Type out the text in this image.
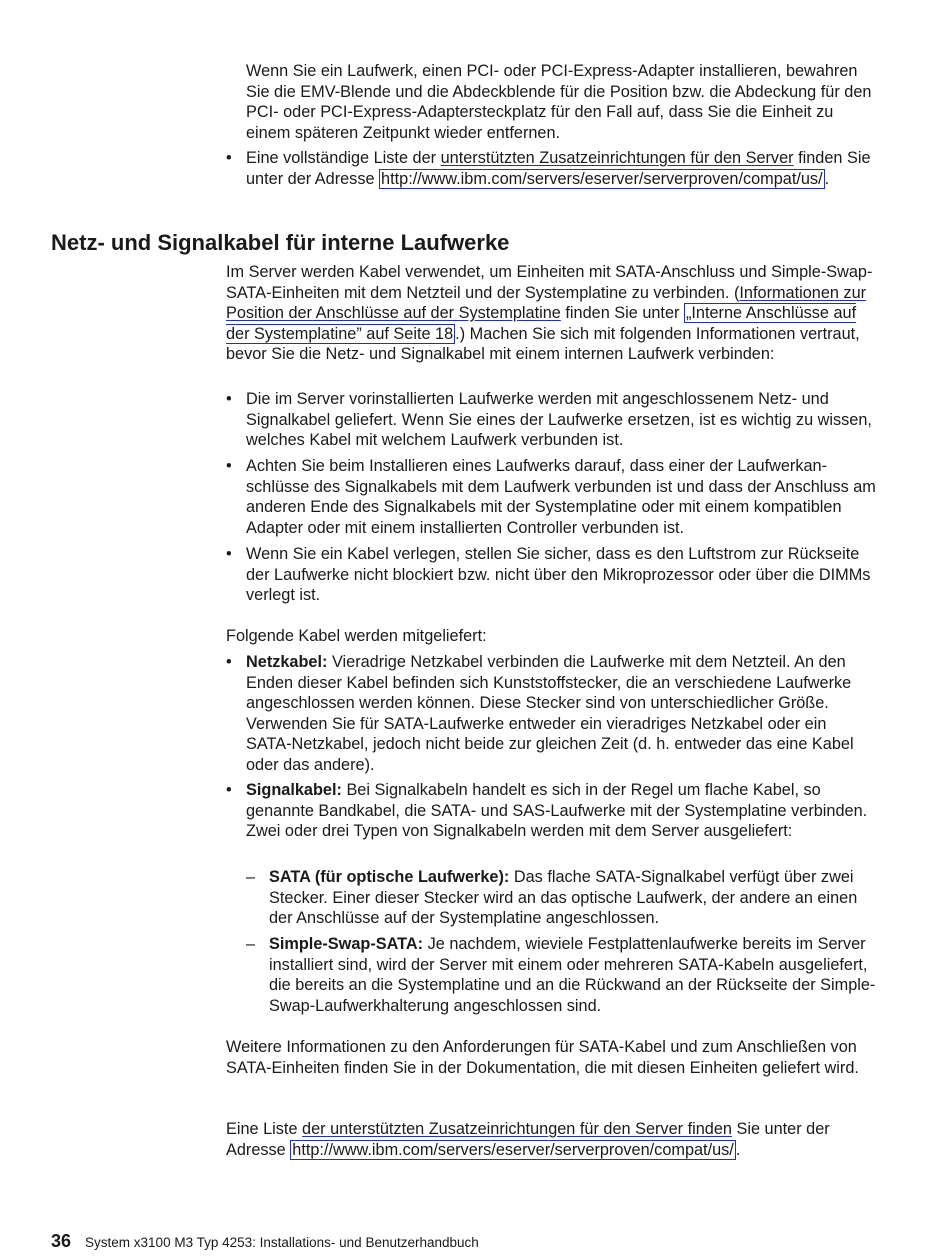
Wenn Sie ein Laufwerk, einen PCI- oder PCI-Express-Adapter installieren, bewahren Sie die EMV-Blende und die Abdeckblende für die Position bzw. die Abdeckung für den PCI- oder PCI-Express-Adaptersteckplatz für den Fall auf, dass Sie die Einheit zu einem späteren Zeitpunkt wieder entfernen.

• Eine vollständige Liste der unterstützten Zusatzeinrichtungen für den Server finden Sie unter der Adresse http://www.ibm.com/servers/eserver/serverproven/compat/us/ .

Netz- und Signalkabel für interne Laufwerke

Im Server werden Kabel verwendet, um Einheiten mit SATA-Anschluss und Simple-Swap-SATA-Einheiten mit dem Netzteil und der Systemplatine zu verbinden. (Informationen zur Position der Anschlüsse auf der Systemplatine finden Sie unter „Interne Anschlüsse auf der Systemplatine” auf Seite 18 .) Machen Sie sich mit folgenden Informationen vertraut, bevor Sie die Netz- und Signalkabel mit einem internen Laufwerk verbinden:

• Die im Server vorinstallierten Laufwerke werden mit angeschlossenem Netz- und Signalkabel geliefert. Wenn Sie eines der Laufwerke ersetzen, ist es wichtig zu wissen, welches Kabel mit welchem Laufwerk verbunden ist.

• Achten Sie beim Installieren eines Laufwerks darauf, dass einer der Laufwerkanschlüsse des Signalkabels mit dem Laufwerk verbunden ist und dass der Anschluss am anderen Ende des Signalkabels mit der Systemplatine oder mit einem kompatiblen Adapter oder mit einem installierten Controller verbunden ist.

• Wenn Sie ein Kabel verlegen, stellen Sie sicher, dass es den Luftstrom zur Rückseite der Laufwerke nicht blockiert bzw. nicht über den Mikroprozessor oder über die DIMMs verlegt ist.

Folgende Kabel werden mitgeliefert:

• Netzkabel: Vieradrige Netzkabel verbinden die Laufwerke mit dem Netzteil. An den Enden dieser Kabel befinden sich Kunststoffstecker, die an verschiedene Laufwerke angeschlossen werden können. Diese Stecker sind von unterschiedlicher Größe. Verwenden Sie für SATA-Laufwerke entweder ein vieradriges Netzkabel oder ein SATA-Netzkabel, jedoch nicht beide zur gleichen Zeit (d. h. entweder das eine Kabel oder das andere).

• Signalkabel: Bei Signalkabeln handelt es sich in der Regel um flache Kabel, so genannte Bandkabel, die SATA- und SAS-Laufwerke mit der Systemplatine verbinden. Zwei oder drei Typen von Signalkabeln werden mit dem Server ausgeliefert:

– SATA (für optische Laufwerke): Das flache SATA-Signalkabel verfügt über zwei Stecker. Einer dieser Stecker wird an das optische Laufwerk, der andere an einen der Anschlüsse auf der Systemplatine angeschlossen.

– Simple-Swap-SATA: Je nachdem, wieviele Festplattenlaufwerke bereits im Server installiert sind, wird der Server mit einem oder mehreren SATA-Kabeln ausgeliefert, die bereits an die Systemplatine und an die Rückwand an der Rückseite der Simple-Swap-Laufwerkhalterung angeschlossen sind.

Weitere Informationen zu den Anforderungen für SATA-Kabel und zum Anschließen von SATA-Einheiten finden Sie in der Dokumentation, die mit diesen Einheiten geliefert wird.

Eine Liste der unterstützten Zusatzeinrichtungen für den Server finden Sie unter der Adresse http://www.ibm.com/servers/eserver/serverproven/compat/us/ .

36 System x3100 M3 Typ 4253: Installations- und Benutzerhandbuch
